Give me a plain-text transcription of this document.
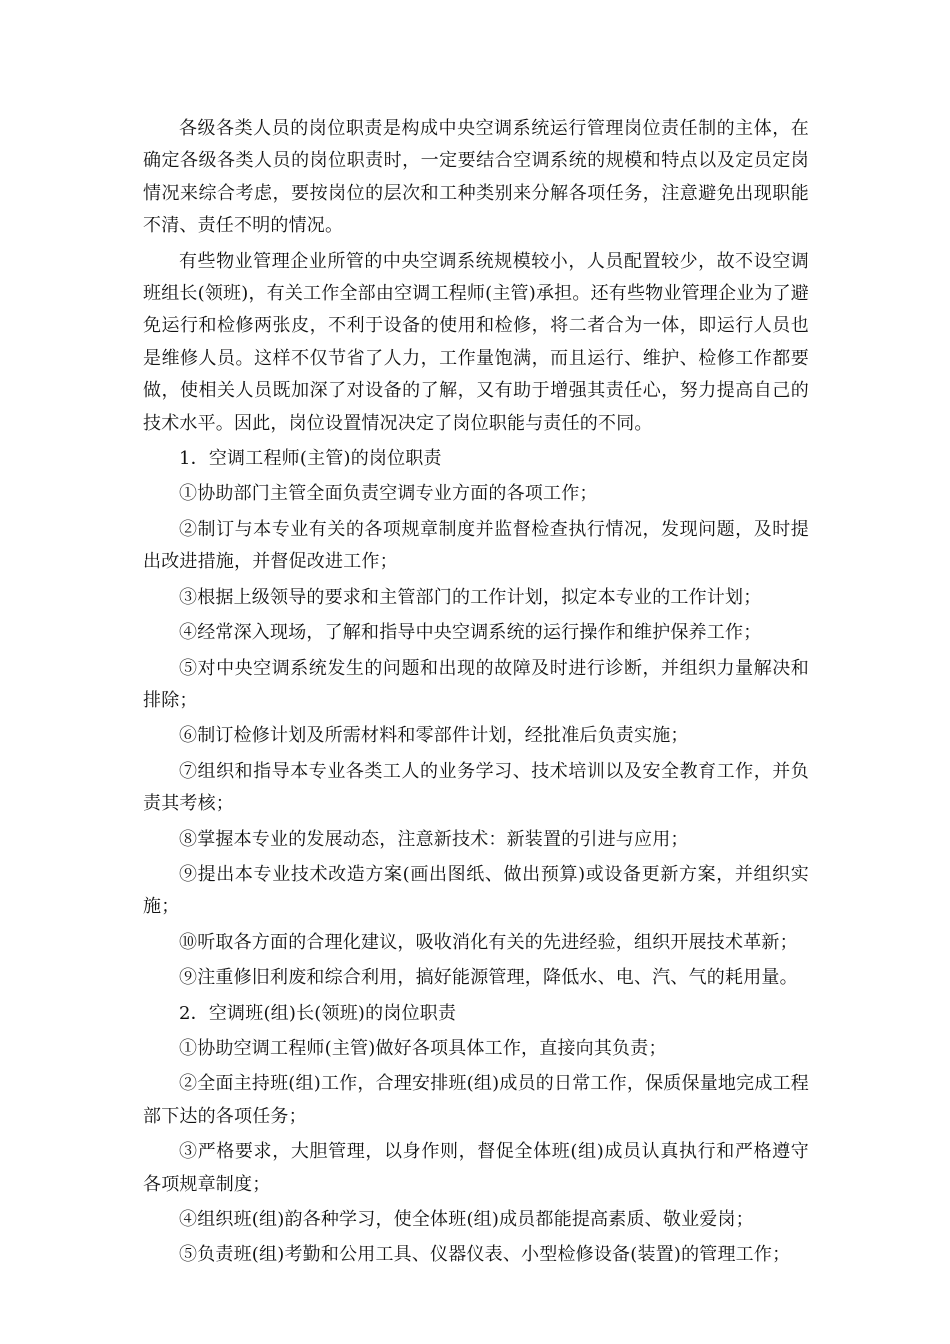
各级各类人员的岗位职责是构成中央空调系统运行管理岗位责任制的主体，在确定各级各类人员的岗位职责时，一定要结合空调系统的规模和特点以及定员定岗情况来综合考虑，要按岗位的层次和工种类别来分解各项任务，注意避免出现职能不清、责任不明的情况。

有些物业管理企业所管的中央空调系统规模较小，人员配置较少，故不设空调班组长(领班)，有关工作全部由空调工程师(主管)承担。还有些物业管理企业为了避免运行和检修两张皮，不利于设备的使用和检修，将二者合为一体，即运行人员也是维修人员。这样不仅节省了人力，工作量饱满，而且运行、维护、检修工作都要做，使相关人员既加深了对设备的了解，又有助于增强其责任心，努力提高自己的技术水平。因此，岗位设置情况决定了岗位职能与责任的不同。

1．空调工程师(主管)的岗位职责

①协助部门主管全面负责空调专业方面的各项工作；

②制订与本专业有关的各项规章制度并监督检查执行情况，发现问题，及时提出改进措施，并督促改进工作；

③根据上级领导的要求和主管部门的工作计划，拟定本专业的工作计划；

④经常深入现场，了解和指导中央空调系统的运行操作和维护保养工作；

⑤对中央空调系统发生的问题和出现的故障及时进行诊断，并组织力量解决和排除；

⑥制订检修计划及所需材料和零部件计划，经批准后负责实施；

⑦组织和指导本专业各类工人的业务学习、技术培训以及安全教育工作，并负责其考核；

⑧掌握本专业的发展动态，注意新技术：新装置的引进与应用；

⑨提出本专业技术改造方案(画出图纸、做出预算)或设备更新方案，并组织实施；

⑩听取各方面的合理化建议，吸收消化有关的先进经验，组织开展技术革新；

⑨注重修旧利废和综合利用，搞好能源管理，降低水、电、汽、气的耗用量。

2．空调班(组)长(领班)的岗位职责

①协助空调工程师(主管)做好各项具体工作，直接向其负责；

②全面主持班(组)工作，合理安排班(组)成员的日常工作，保质保量地完成工程部下达的各项任务；

③严格要求，大胆管理，以身作则，督促全体班(组)成员认真执行和严格遵守各项规章制度；

④组织班(组)韵各种学习，使全体班(组)成员都能提高素质、敬业爱岗；

⑤负责班(组)考勤和公用工具、仪器仪表、小型检修设备(装置)的管理工作；
